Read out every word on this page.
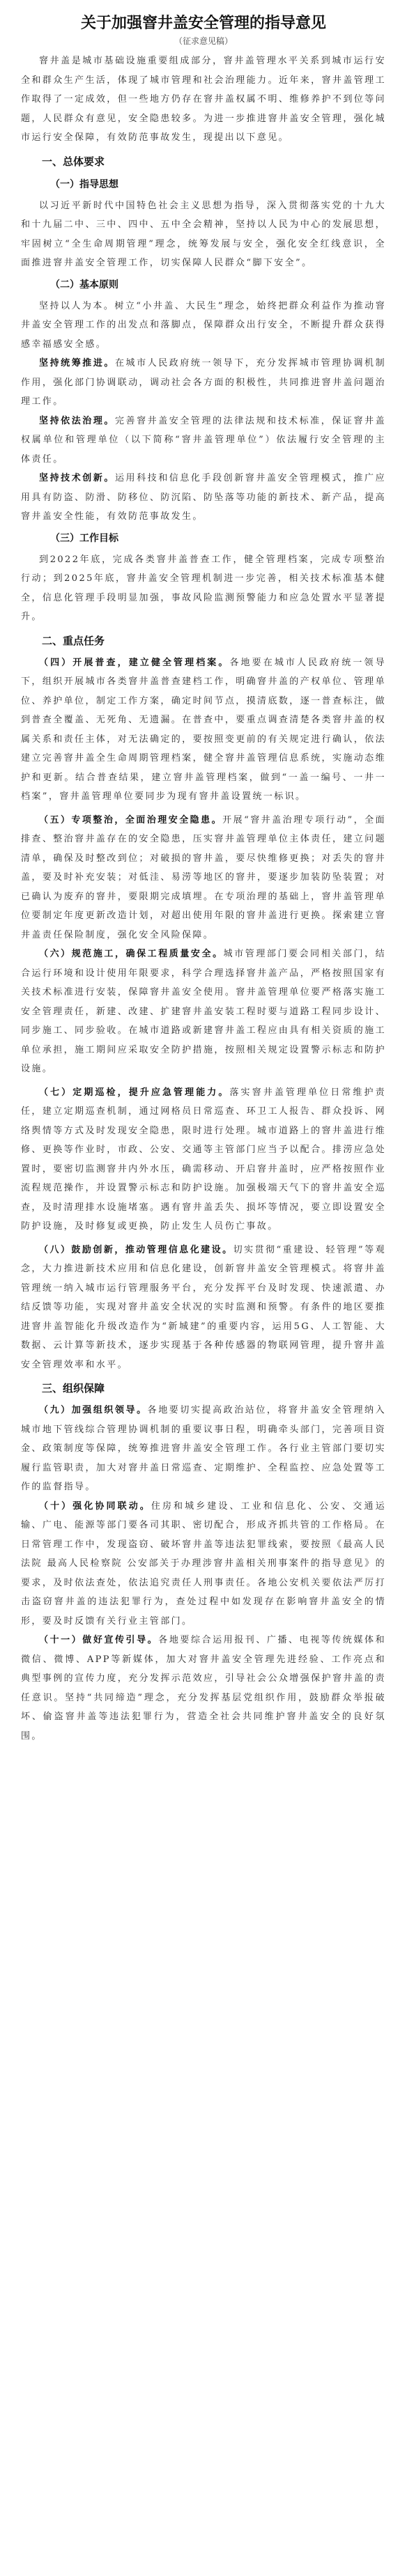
关于加强窨井盖安全管理的指导意见
（征求意见稿）

窨井盖是城市基础设施重要组成部分，窨井盖管理水平关系到城市运行安全和群众生产生活，体现了城市管理和社会治理能力。近年来，窨井盖管理工作取得了一定成效，但一些地方仍存在窨井盖权属不明、维修养护不到位等问题，人民群众有意见，安全隐患较多。为进一步推进窨井盖安全管理，强化城市运行安全保障，有效防范事故发生，现提出以下意见。

一、总体要求
（一）指导思想

以习近平新时代中国特色社会主义思想为指导，深入贯彻落实党的十九大和十九届二中、三中、四中、五中全会精神，坚持以人民为中心的发展思想，牢固树立“全生命周期管理”理念，统筹发展与安全，强化安全红线意识，全面推进窨井盖安全管理工作，切实保障人民群众“脚下安全”。

（二）基本原则

坚持以人为本。树立“小井盖、大民生”理念，始终把群众利益作为推动窨井盖安全管理工作的出发点和落脚点，保障群众出行安全，不断提升群众获得感幸福感安全感。

坚持统筹推进。在城市人民政府统一领导下，充分发挥城市管理协调机制作用，强化部门协调联动，调动社会各方面的积极性，共同推进窨井盖问题治理工作。

坚持依法治理。完善窨井盖安全管理的法律法规和技术标准，保证窨井盖权属单位和管理单位（以下简称“窨井盖管理单位”）依法履行安全管理的主体责任。

坚持技术创新。运用科技和信息化手段创新窨井盖安全管理模式，推广应用具有防盗、防滑、防移位、防沉陷、防坠落等功能的新技术、新产品，提高窨井盖安全性能，有效防范事故发生。

（三）工作目标

到2022年底，完成各类窨井盖普查工作，健全管理档案，完成专项整治行动；到2025年底，窨井盖安全管理机制进一步完善，相关技术标准基本健全，信息化管理手段明显加强，事故风险监测预警能力和应急处置水平显著提升。

二、重点任务

（四）开展普查，建立健全管理档案。各地要在城市人民政府统一领导下，组织开展城市各类窨井盖普查建档工作，明确窨井盖的产权单位、管理单位、养护单位，制定工作方案，确定时间节点，摸清底数，逐一普查标注，做到普查全覆盖、无死角、无遗漏。在普查中，要重点调查清楚各类窨井盖的权属关系和责任主体，对无法确定的，要按照变更前的有关规定进行确认，依法建立完善窨井盖全生命周期管理档案，健全窨井盖管理信息系统，实施动态维护和更新。结合普查结果，建立窨井盖管理档案，做到“一盖一编号、一井一档案”，窨井盖管理单位要同步为现有窨井盖设置统一标识。

（五）专项整治，全面治理安全隐患。开展“窨井盖治理专项行动”，全面排查、整治窨井盖存在的安全隐患，压实窨井盖管理单位主体责任，建立问题清单，确保及时整改到位；对破损的窨井盖，要尽快维修更换；对丢失的窨井盖，要及时补充安装；对低洼、易涝等地区的窨井，要逐步加装防坠装置；对已确认为废弃的窨井，要限期完成填埋。在专项治理的基础上，窨井盖管理单位要制定年度更新改造计划，对超出使用年限的窨井盖进行更换。探索建立窨井盖责任保险制度，强化安全风险保障。

（六）规范施工，确保工程质量安全。城市管理部门要会同相关部门，结合运行环境和设计使用年限要求，科学合理选择窨井盖产品，严格按照国家有关技术标准进行安装，保障窨井盖安全使用。窨井盖管理单位要严格落实施工安全管理责任，新建、改建、扩建窨井盖安装工程时要与道路工程同步设计、同步施工、同步验收。在城市道路或新建窨井盖工程应由具有相关资质的施工单位承担，施工期间应采取安全防护措施，按照相关规定设置警示标志和防护设施。

（七）定期巡检，提升应急管理能力。落实窨井盖管理单位日常维护责任，建立定期巡查机制，通过网格员日常巡查、环卫工人报告、群众投诉、网络舆情等方式及时发现安全隐患，限时进行处理。城市道路上的窨井盖进行维修、更换等作业时，市政、公安、交通等主管部门应当予以配合。排涝应急处置时，要密切监测窨井内外水压，确需移动、开启窨井盖时，应严格按照作业流程规范操作，并设置警示标志和防护设施。加强极端天气下的窨井盖安全巡查，及时清理排水设施堵塞。遇有窨井盖丢失、损坏等情况，要立即设置安全防护设施，及时修复或更换，防止发生人员伤亡事故。

（八）鼓励创新，推动管理信息化建设。切实贯彻“重建设、轻管理”等观念，大力推进新技术应用和信息化建设，创新窨井盖安全管理模式。将窨井盖管理统一纳入城市运行管理服务平台，充分发挥平台及时发现、快速派遣、办结反馈等功能，实现对窨井盖安全状况的实时监测和预警。有条件的地区要推进窨井盖智能化升级改造作为“新城建”的重要内容，运用5G、人工智能、大数据、云计算等新技术，逐步实现基于各种传感器的物联网管理，提升窨井盖安全管理效率和水平。

三、组织保障

（九）加强组织领导。各地要切实提高政治站位，将窨井盖安全管理纳入城市地下管线综合管理协调机制的重要议事日程，明确牵头部门，完善项目资金、政策制度等保障，统筹推进窨井盖安全管理工作。各行业主管部门要切实履行监管职责，加大对窨井盖日常巡查、定期维护、全程监控、应急处置等工作的监督指导。

（十）强化协同联动。住房和城乡建设、工业和信息化、公安、交通运输、广电、能源等部门要各司其职、密切配合，形成齐抓共管的工作格局。在日常管理工作中，发现盗窃、破坏窨井盖等违法犯罪线索，要按照《最高人民法院 最高人民检察院 公安部关于办理涉窨井盖相关刑事案件的指导意见》的要求，及时依法查处，依法追究责任人刑事责任。各地公安机关要依法严厉打击盗窃窨井盖的违法犯罪行为，查处过程中如发现存在影响窨井盖安全的情形，要及时反馈有关行业主管部门。

（十一）做好宣传引导。各地要综合运用报刊、广播、电视等传统媒体和微信、微博、APP等新媒体，加大对窨井盖安全管理先进经验、工作亮点和典型事例的宣传力度，充分发挥示范效应，引导社会公众增强保护窨井盖的责任意识。坚持“共同缔造”理念，充分发挥基层党组织作用，鼓励群众举报破坏、偷盗窨井盖等违法犯罪行为，营造全社会共同维护窨井盖安全的良好氛围。
